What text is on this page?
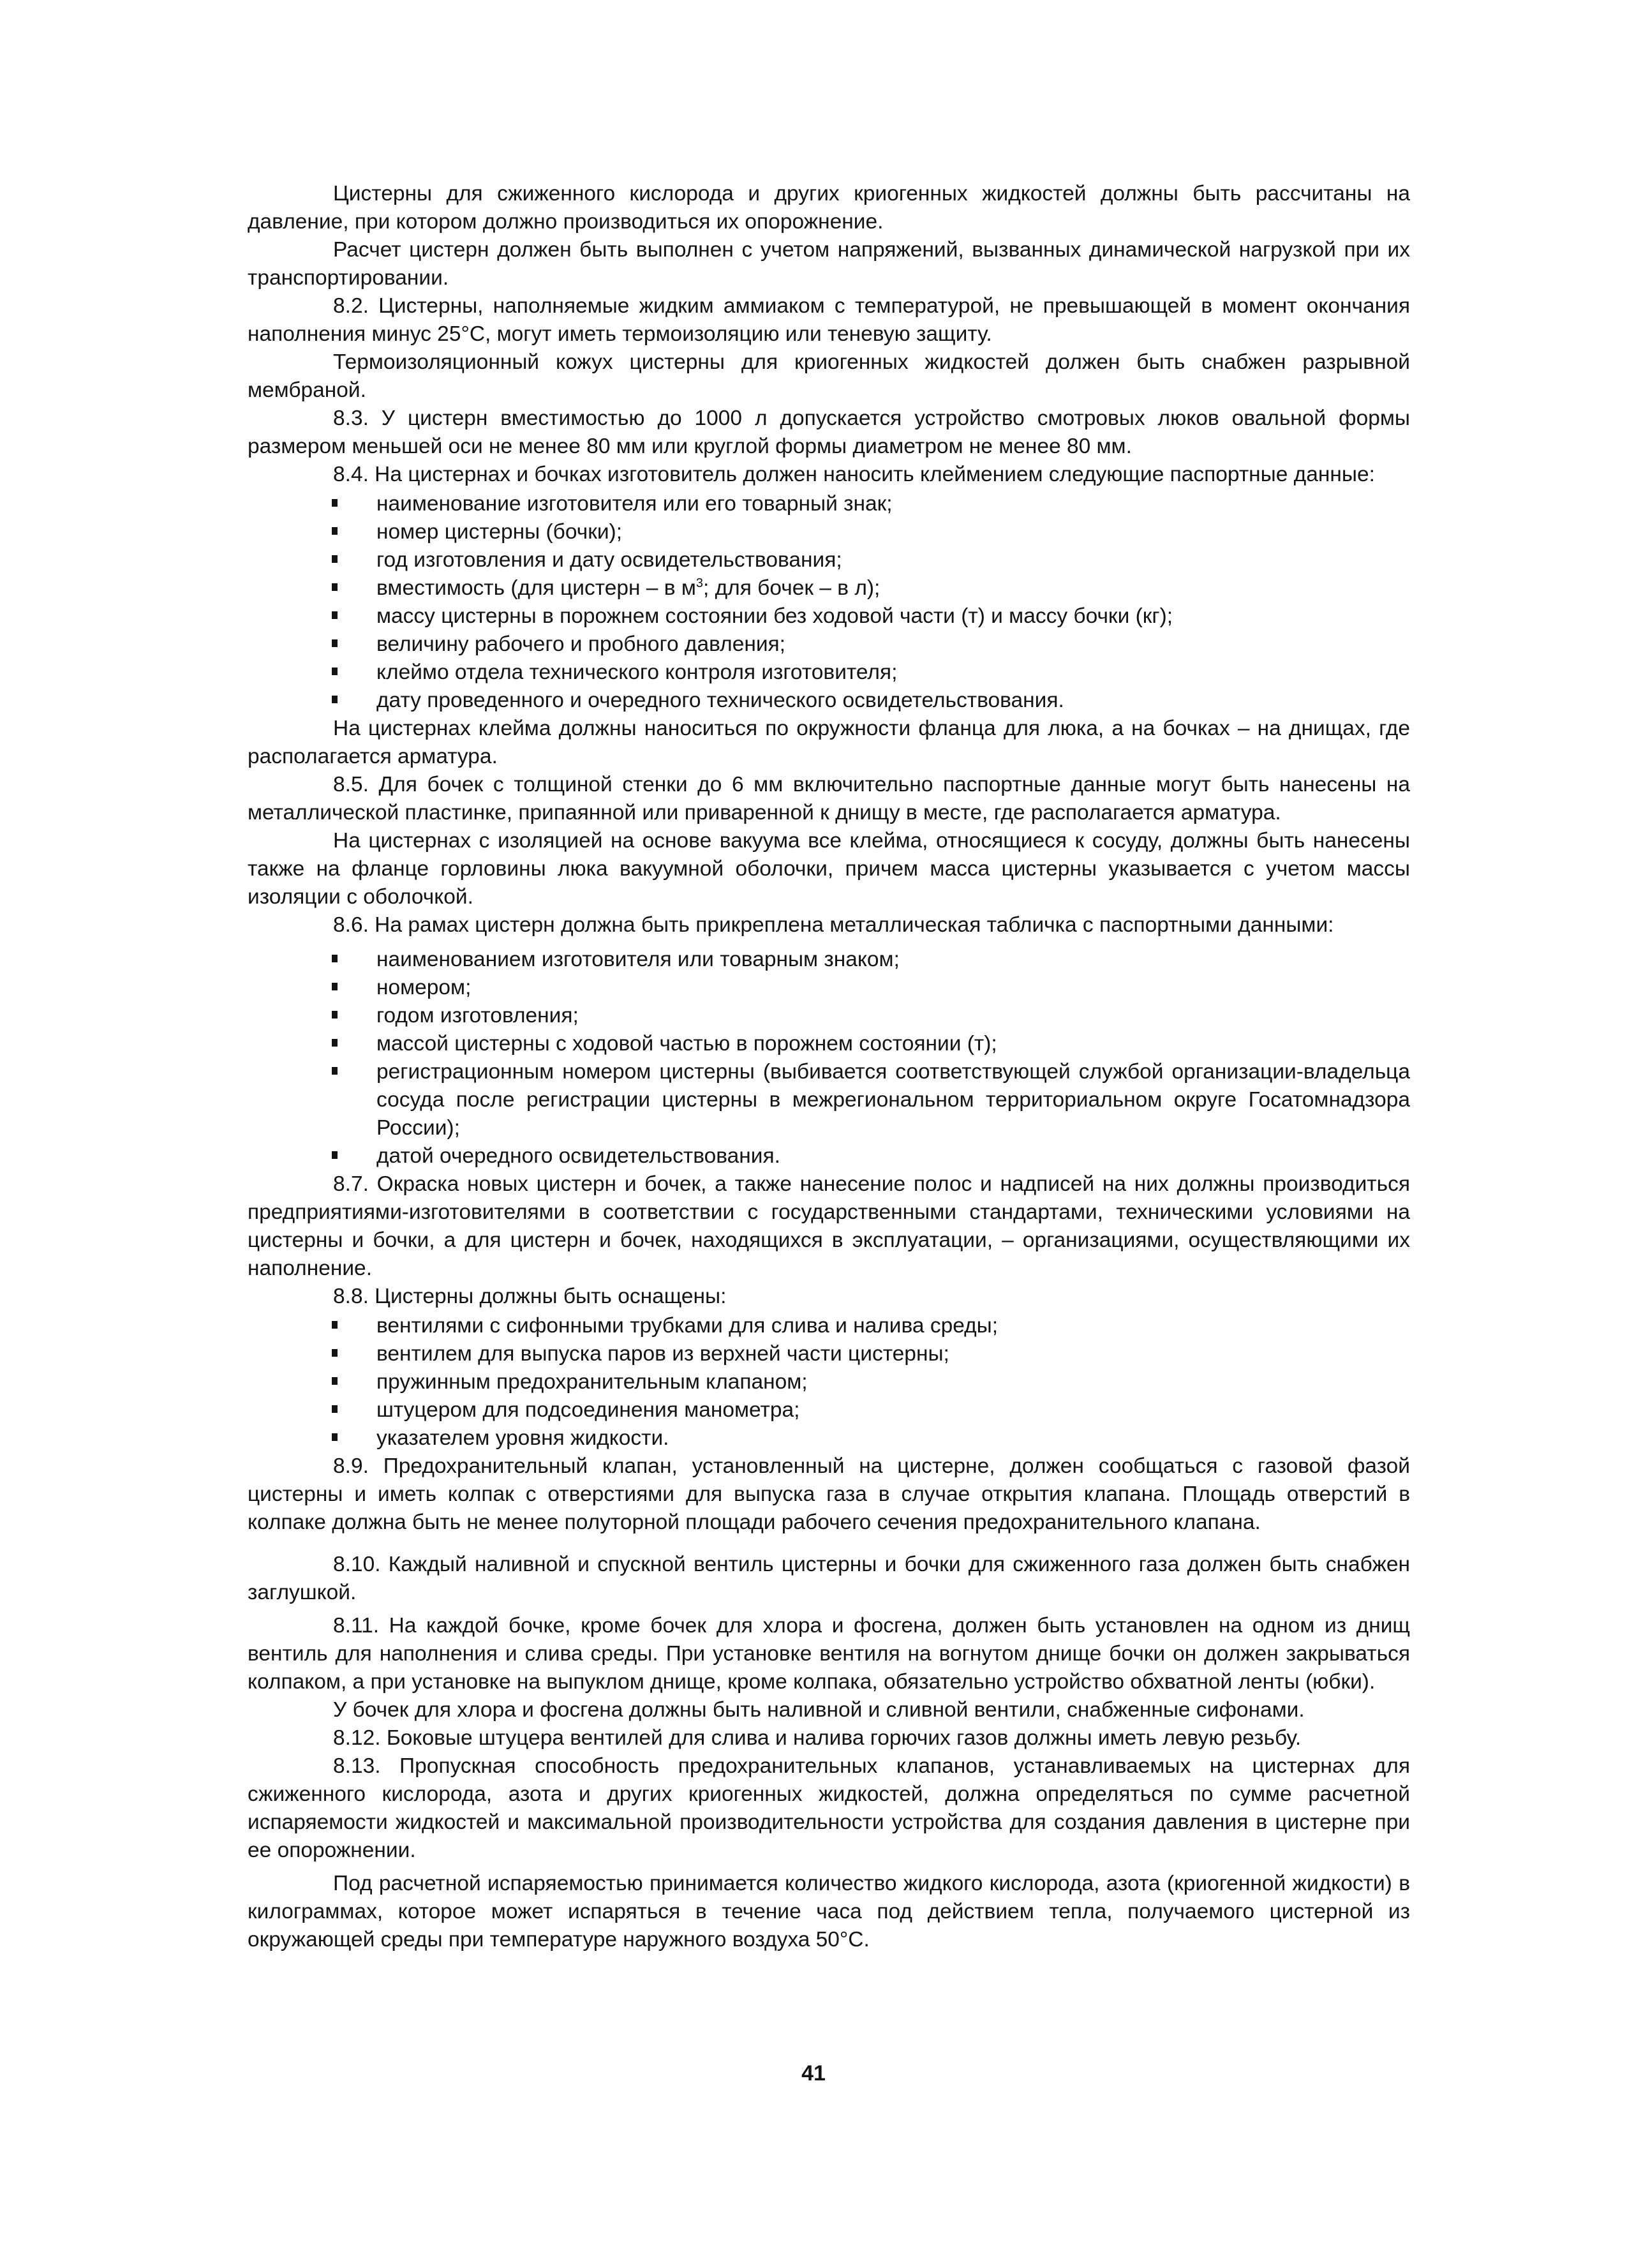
Цистерны для сжиженного кислорода и других криогенных жидкостей должны быть рассчитаны на давление, при котором должно производиться их опорожнение.

Расчет цистерн должен быть выполнен с учетом напряжений, вызванных динамической нагрузкой при их транспортировании.

8.2. Цистерны, наполняемые жидким аммиаком с температурой, не превышающей в момент окончания наполнения минус 25°С, могут иметь термоизоляцию или теневую защиту.

Термоизоляционный кожух цистерны для криогенных жидкостей должен быть снабжен разрывной мембраной.

8.3. У цистерн вместимостью до 1000 л допускается устройство смотровых люков овальной формы размером меньшей оси не менее 80 мм или круглой формы диаметром не менее 80 мм.

8.4. На цистернах и бочках изготовитель должен наносить клеймением следующие паспортные данные:

наименование изготовителя или его товарный знак;
номер цистерны (бочки);
год изготовления и дату освидетельствования;
вместимость (для цистерн – в $м^3$; для бочек – в л);
массу цистерны в порожнем состоянии без ходовой части (т) и массу бочки (кг);
величину рабочего и пробного давления;
клеймо отдела технического контроля изготовителя;
дату проведенного и очередного технического освидетельствования.

На цистернах клейма должны наноситься по окружности фланца для люка, а на бочках – на днищах, где располагается арматура.

8.5. Для бочек с толщиной стенки до 6 мм включительно паспортные данные могут быть нанесены на металлической пластинке, припаянной или приваренной к днищу в месте, где располагается арматура.

На цистернах с изоляцией на основе вакуума все клейма, относящиеся к сосуду, должны быть нанесены также на фланце горловины люка вакуумной оболочки, причем масса цистерны указывается с учетом массы изоляции с оболочкой.

8.6. На рамах цистерн должна быть прикреплена металлическая табличка с паспортными данными:

наименованием изготовителя или товарным знаком;
номером;
годом изготовления;
массой цистерны с ходовой частью в порожнем состоянии (т);
регистрационным номером цистерны (выбивается соответствующей службой организации-владельца сосуда после регистрации цистерны в межрегиональном территориальном округе Госатомнадзора России);
датой очередного освидетельствования.

8.7. Окраска новых цистерн и бочек, а также нанесение полос и надписей на них должны производиться предприятиями-изготовителями в соответствии с государственными стандартами, техническими условиями на цистерны и бочки, а для цистерн и бочек, находящихся в эксплуатации, – организациями, осуществляющими их наполнение.

8.8. Цистерны должны быть оснащены:

вентилями с сифонными трубками для слива и налива среды;
вентилем для выпуска паров из верхней части цистерны;
пружинным предохранительным клапаном;
штуцером для подсоединения манометра;
указателем уровня жидкости.

8.9. Предохранительный клапан, установленный на цистерне, должен сообщаться с газовой фазой цистерны и иметь колпак с отверстиями для выпуска газа в случае открытия клапана. Площадь отверстий в колпаке должна быть не менее полуторной площади рабочего сечения предохранительного клапана.

8.10. Каждый наливной и спускной вентиль цистерны и бочки для сжиженного газа должен быть снабжен заглушкой.

8.11. На каждой бочке, кроме бочек для хлора и фосгена, должен быть установлен на одном из днищ вентиль для наполнения и слива среды. При установке вентиля на вогнутом днище бочки он должен закрываться колпаком, а при установке на выпуклом днище, кроме колпака, обязательно устройство обхватной ленты (юбки).

У бочек для хлора и фосгена должны быть наливной и сливной вентили, снабженные сифонами.

8.12. Боковые штуцера вентилей для слива и налива горючих газов должны иметь левую резьбу.

8.13. Пропускная способность предохранительных клапанов, устанавливаемых на цистернах для сжиженного кислорода, азота и других криогенных жидкостей, должна определяться по сумме расчетной испаряемости жидкостей и максимальной производительности устройства для создания давления в цистерне при ее опорожнении.

Под расчетной испаряемостью принимается количество жидкого кислорода, азота (криогенной жидкости) в килограммах, которое может испаряться в течение часа под действием тепла, получаемого цистерной из окружающей среды при температуре наружного воздуха 50°С.

41
